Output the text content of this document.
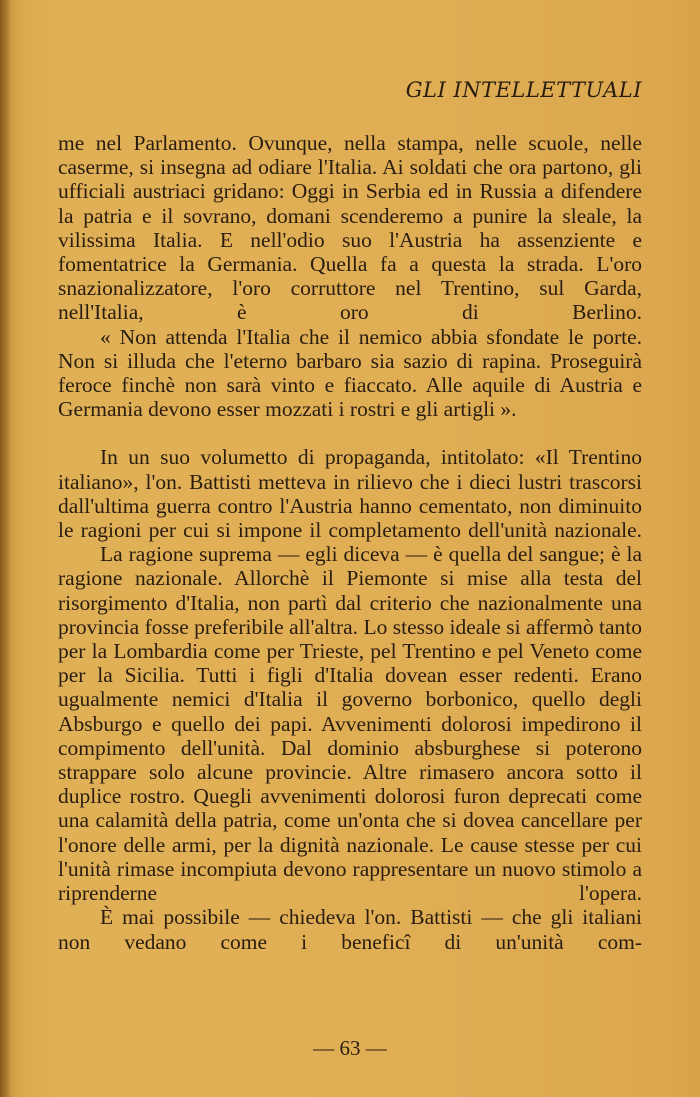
GLI INTELLETTUALI

me nel Parlamento. Ovunque, nella stampa, nelle scuole, nelle caserme, si insegna ad odiare l'Italia. Ai soldati che ora partono, gli ufficiali austriaci gridano: Oggi in Serbia ed in Russia a difendere la patria e il sovrano, domani scenderemo a punire la sleale, la vilissima Italia. E nell'odio suo l'Austria ha assenziente e fomentatrice la Germania. Quella fa a questa la strada. L'oro snazionalizzatore, l'oro corruttore nel Trentino, sul Garda, nell'Italia, è oro di Berlino.

« Non attenda l'Italia che il nemico abbia sfondate le porte. Non si illuda che l'eterno barbaro sia sazio di rapina. Proseguirà feroce finchè non sarà vinto e fiaccato. Alle aquile di Austria e Germania devono esser mozzati i rostri e gli artigli ».

In un suo volumetto di propaganda, intitolato: «Il Trentino italiano», l'on. Battisti metteva in rilievo che i dieci lustri trascorsi dall'ultima guerra contro l'Austria hanno cementato, non diminuito le ragioni per cui si impone il completamento dell'unità nazionale.

La ragione suprema — egli diceva — è quella del sangue; è la ragione nazionale. Allorchè il Piemonte si mise alla testa del risorgimento d'Italia, non partì dal criterio che nazionalmente una provincia fosse preferibile all'altra. Lo stesso ideale si affermò tanto per la Lombardia come per Trieste, pel Trentino e pel Veneto come per la Sicilia. Tutti i figli d'Italia dovean esser redenti. Erano ugualmente nemici d'Italia il governo borbonico, quello degli Absburgo e quello dei papi. Avvenimenti dolorosi impedirono il compimento dell'unità. Dal dominio absburghese si poterono strappare solo alcune provincie. Altre rimasero ancora sotto il duplice rostro. Quegli avvenimenti dolorosi furon deprecati come una calamità della patria, come un'onta che si dovea cancellare per l'onore delle armi, per la dignità nazionale. Le cause stesse per cui l'unità rimase incompiuta devono rappresentare un nuovo stimolo a riprenderne l'opera.

È mai possibile — chiedeva l'on. Battisti — che gli italiani non vedano come i beneficî di un'unità com-

— 63 —
